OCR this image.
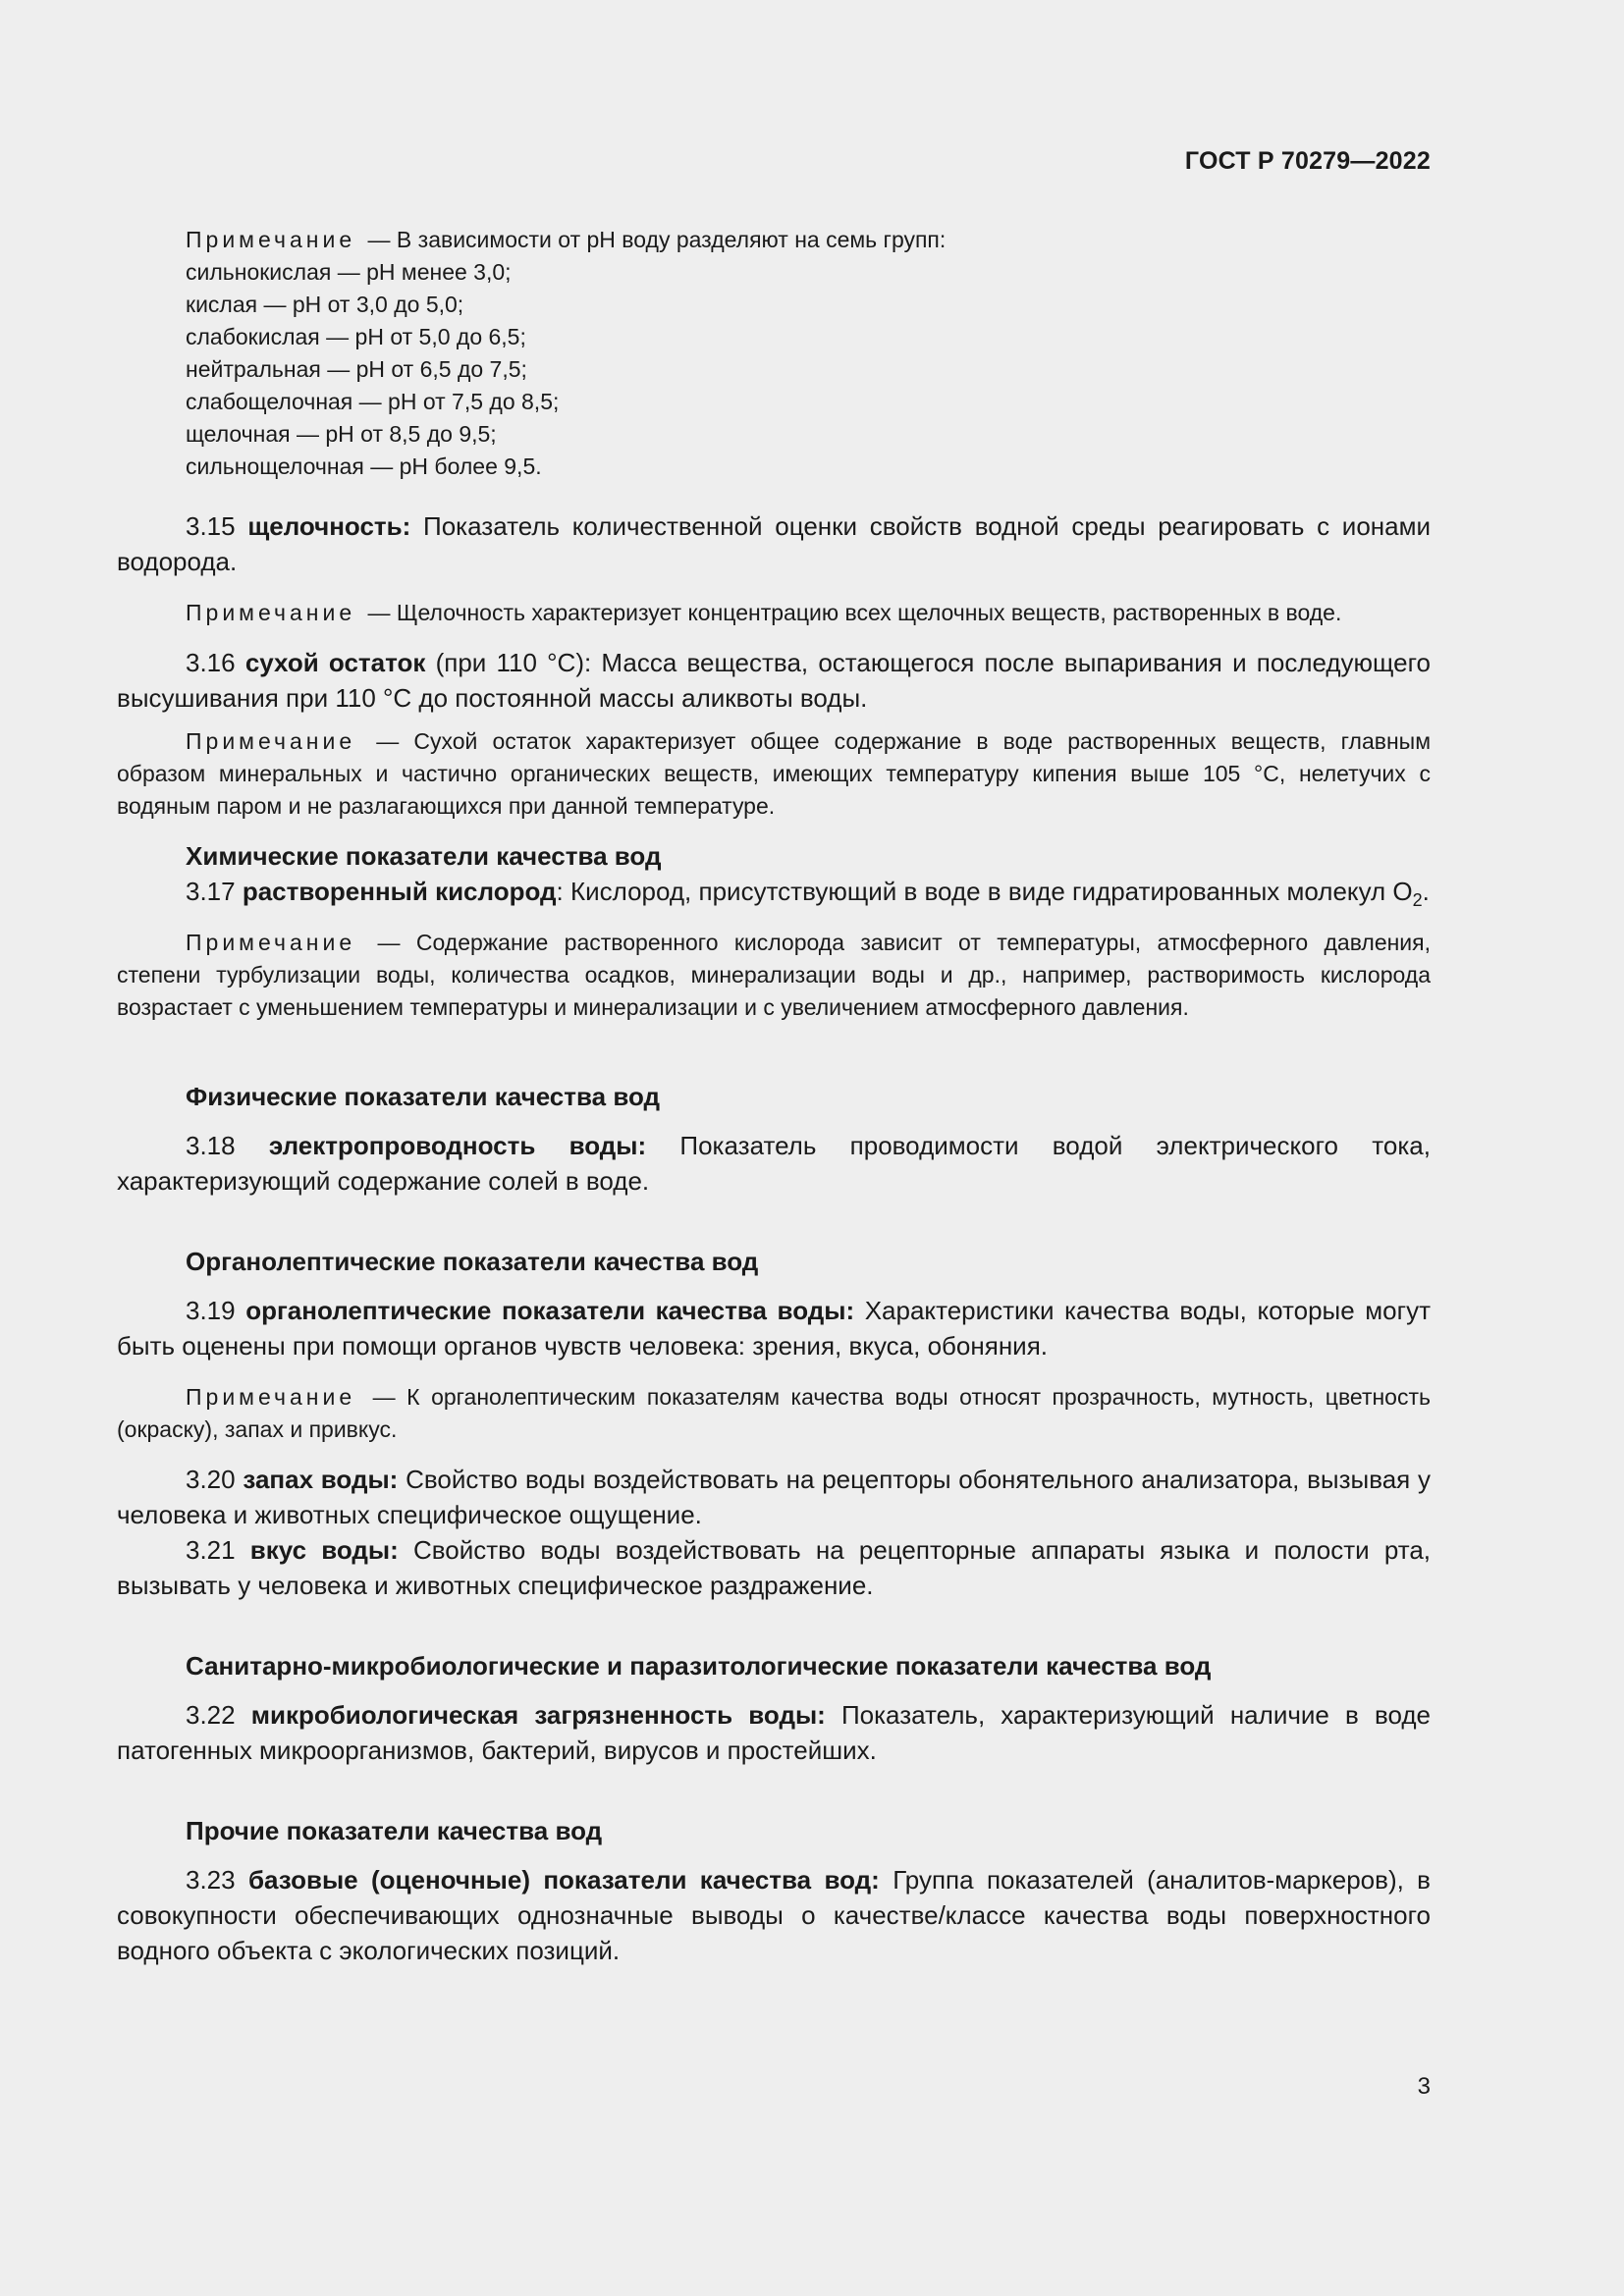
ГОСТ Р 70279—2022

Примечание — В зависимости от рН воду разделяют на семь групп:

сильнокислая — рН менее 3,0;
кислая — рН от 3,0 до 5,0;
слабокислая — рН от 5,0 до 6,5;
нейтральная — рН от 6,5 до 7,5;
слабощелочная — рН от 7,5 до 8,5;
щелочная — рН от 8,5 до 9,5;
сильнощелочная — рН более 9,5.

3.15 щелочность: Показатель количественной оценки свойств водной среды реагировать с ионами водорода.

Примечание — Щелочность характеризует концентрацию всех щелочных веществ, растворенных в воде.

3.16 сухой остаток (при 110 °С): Масса вещества, остающегося после выпаривания и последующего высушивания при 110 °С до постоянной массы аликвоты воды.

Примечание — Сухой остаток характеризует общее содержание в воде растворенных веществ, главным образом минеральных и частично органических веществ, имеющих температуру кипения выше 105 °С, нелетучих с водяным паром и не разлагающихся при данной температуре.

Химические показатели качества вод

3.17 растворенный кислород: Кислород, присутствующий в воде в виде гидратированных молекул $О_2$.

Примечание — Содержание растворенного кислорода зависит от температуры, атмосферного давления, степени турбулизации воды, количества осадков, минерализации воды и др., например, растворимость кислорода возрастает с уменьшением температуры и минерализации и с увеличением атмосферного давления.

Физические показатели качества вод

3.18 электропроводность воды: Показатель проводимости водой электрического тока, характеризующий содержание солей в воде.

Органолептические показатели качества вод

3.19 органолептические показатели качества воды: Характеристики качества воды, которые могут быть оценены при помощи органов чувств человека: зрения, вкуса, обоняния.

Примечание — К органолептическим показателям качества воды относят прозрачность, мутность, цветность (окраску), запах и привкус.

3.20 запах воды: Свойство воды воздействовать на рецепторы обонятельного анализатора, вызывая у человека и животных специфическое ощущение.

3.21 вкус воды: Свойство воды воздействовать на рецепторные аппараты языка и полости рта, вызывать у человека и животных специфическое раздражение.

Санитарно-микробиологические и паразитологические показатели качества вод

3.22 микробиологическая загрязненность воды: Показатель, характеризующий наличие в воде патогенных микроорганизмов, бактерий, вирусов и простейших.

Прочие показатели качества вод

3.23 базовые (оценочные) показатели качества вод: Группа показателей (аналитов-маркеров), в совокупности обеспечивающих однозначные выводы о качестве/классе качества воды поверхностного водного объекта с экологических позиций.

3
